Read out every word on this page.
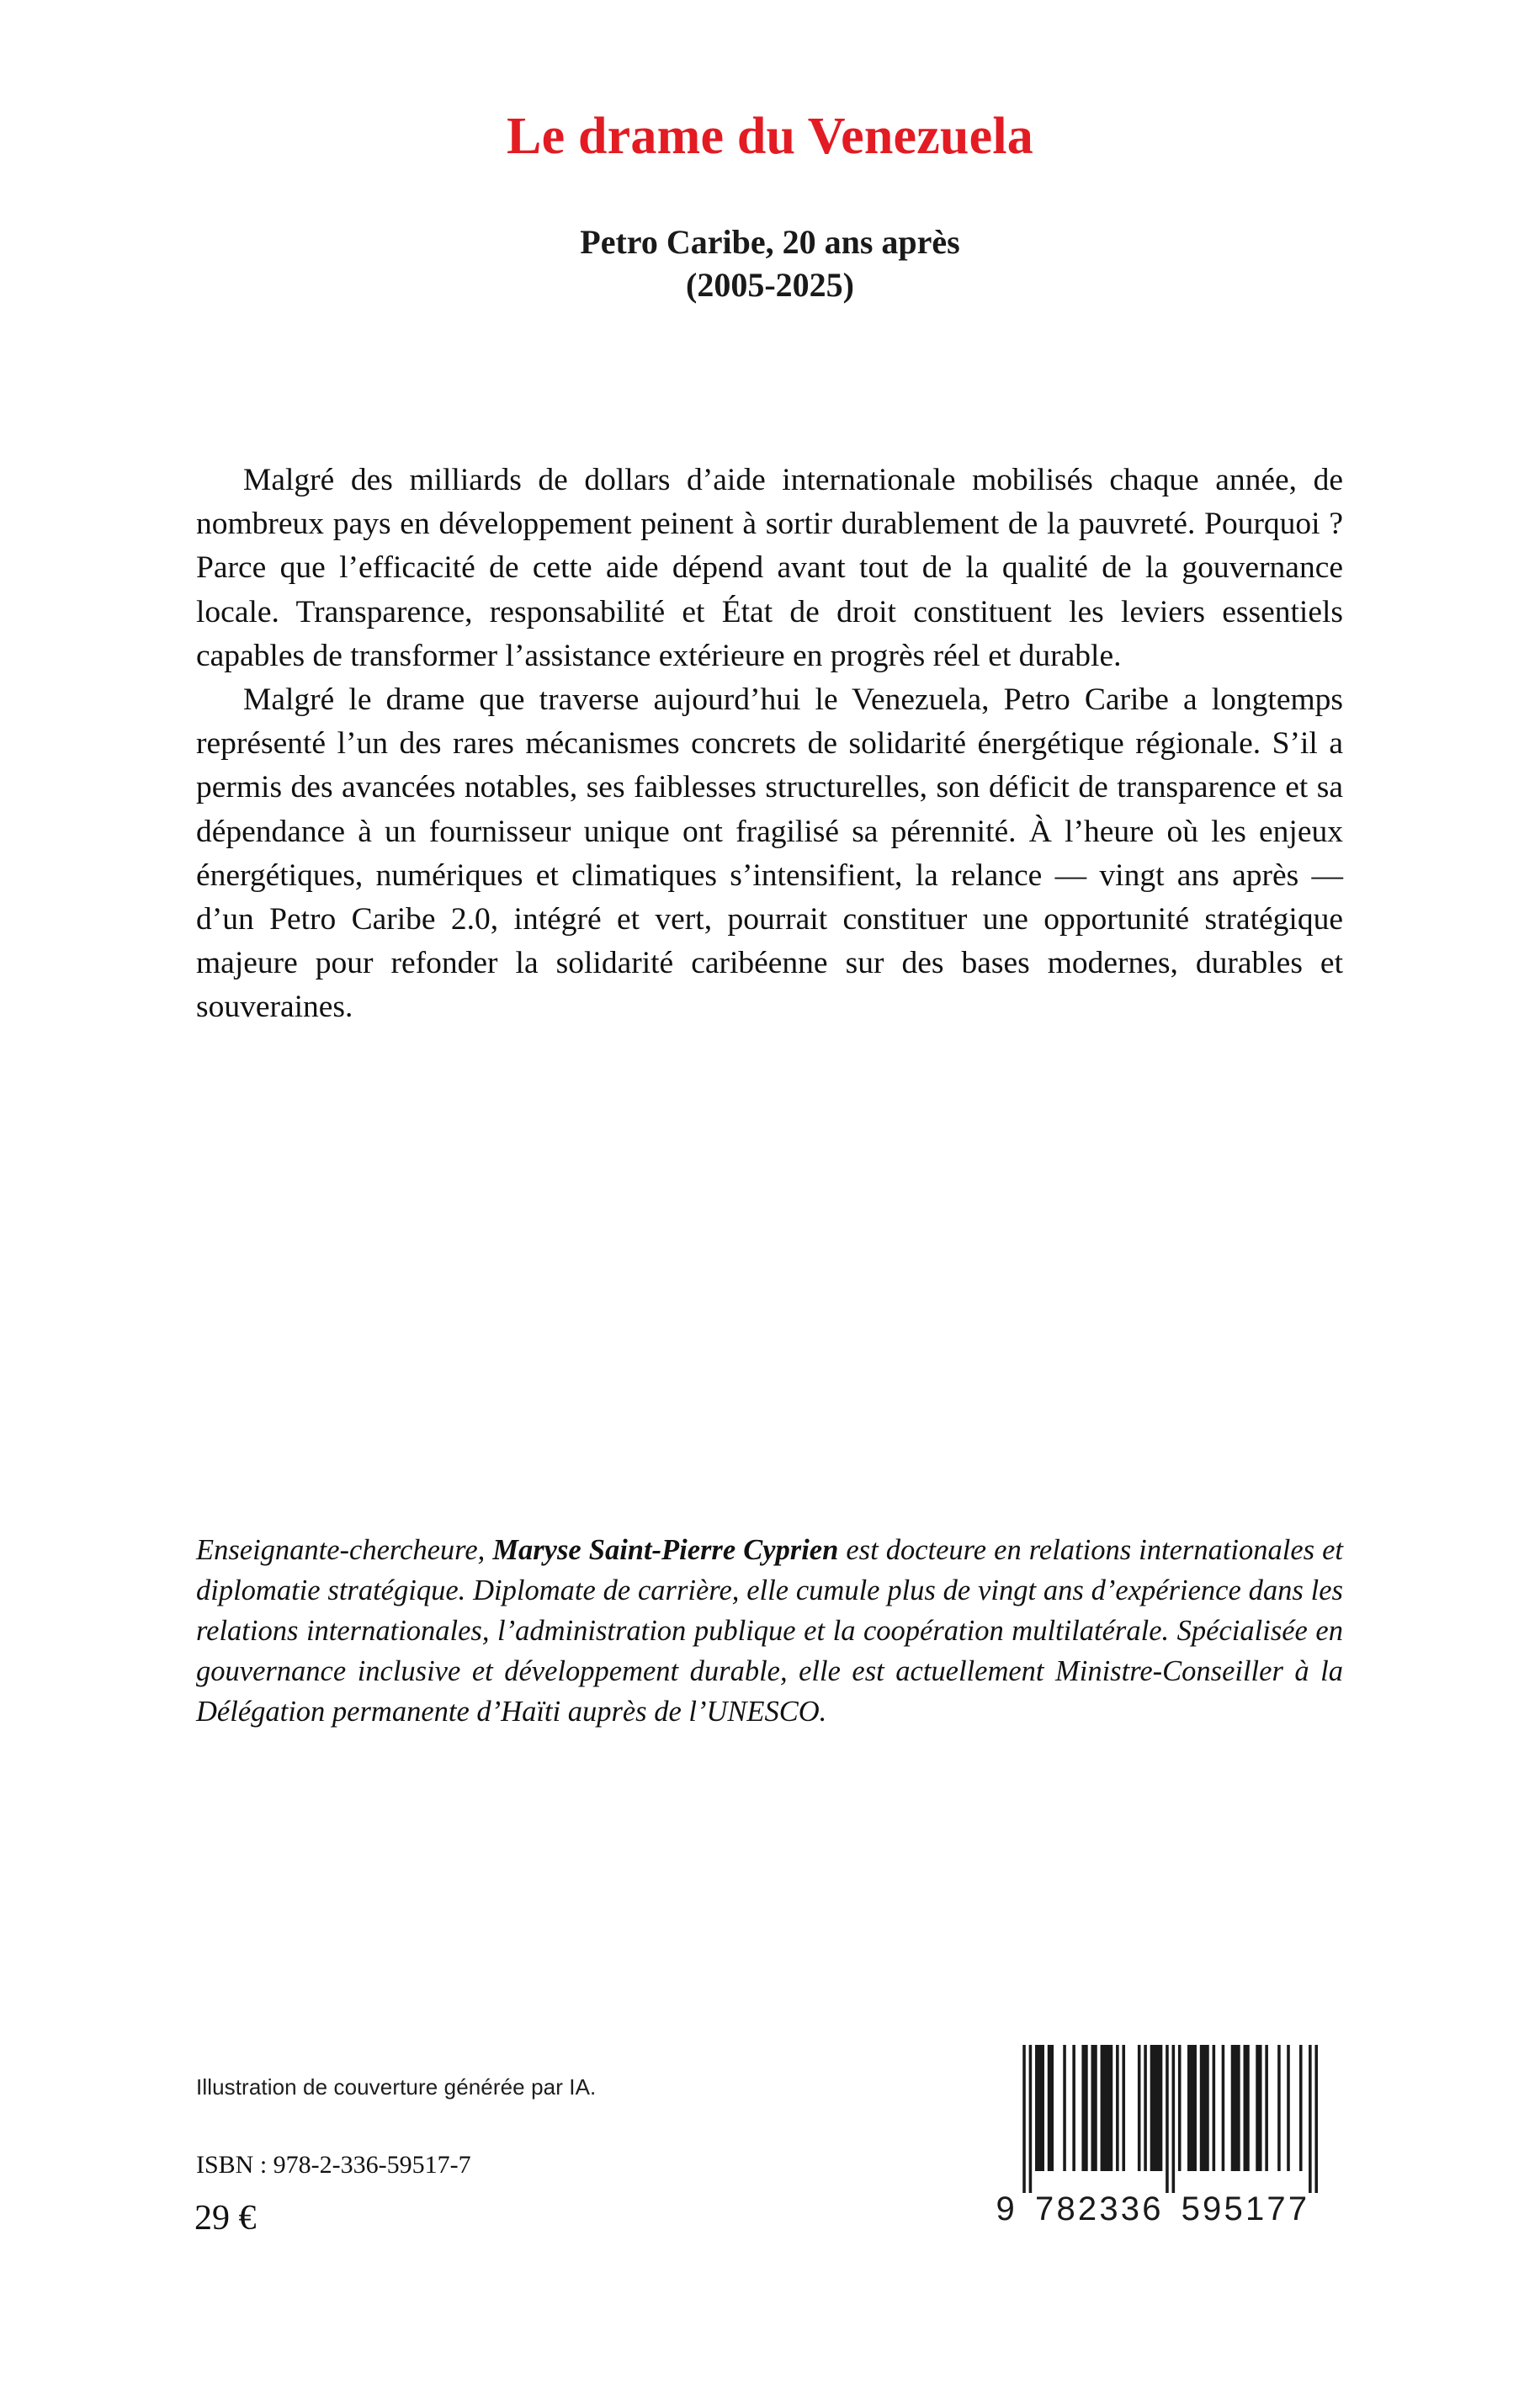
Le drame du Venezuela
Petro Caribe, 20 ans après
(2005-2025)

Malgré des milliards de dollars d’aide internationale mobilisés chaque année, de nombreux pays en développement peinent à sortir durablement de la pauvreté. Pourquoi ? Parce que l’efficacité de cette aide dépend avant tout de la qualité de la gouvernance locale. Transparence, responsabilité et État de droit constituent les leviers essentiels capables de transformer l’assistance extérieure en progrès réel et durable.

Malgré le drame que traverse aujourd’hui le Venezuela, Petro Caribe a longtemps représenté l’un des rares mécanismes concrets de solidarité énergétique régionale. S’il a permis des avancées notables, ses faiblesses structurelles, son déficit de transparence et sa dépendance à un fournisseur unique ont fragilisé sa pérennité. À l’heure où les enjeux énergétiques, numériques et climatiques s’intensifient, la relance — vingt ans après — d’un Petro Caribe 2.0, intégré et vert, pourrait constituer une opportunité stratégique majeure pour refonder la solidarité caribéenne sur des bases modernes, durables et souveraines.

Enseignante-chercheure, Maryse Saint-Pierre Cyprien est docteure en relations internationales et diplomatie stratégique. Diplomate de carrière, elle cumule plus de vingt ans d’expérience dans les relations internationales, l’administration publique et la coopération multilatérale. Spécialisée en gouvernance inclusive et développement durable, elle est actuellement Ministre-Conseiller à la Délégation permanente d’Haïti auprès de l’UNESCO.

Illustration de couverture générée par IA.
ISBN : 978-2-336-59517-7
29 €	9 782336 595177
